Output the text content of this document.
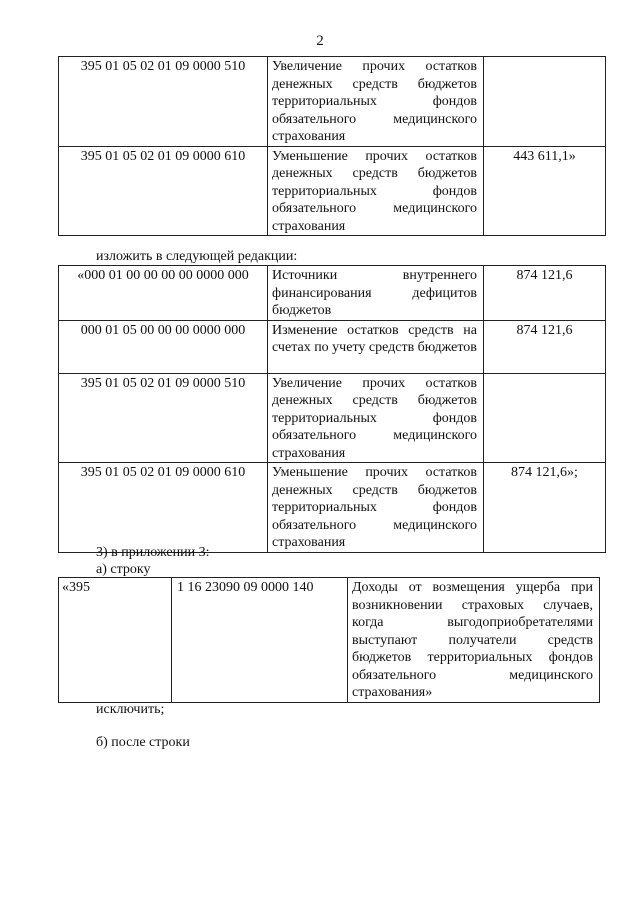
2
395 01 05 02 01 09 0000 510	Увеличение прочих остатков денежных средств бюджетов территориальных фондов обязательного медицинского страхования	
395 01 05 02 01 09 0000 610	Уменьшение прочих остатков денежных средств бюджетов территориальных фондов обязательного медицинского страхования	443 611,1»
изложить в следующей редакции:
«000 01 00 00 00 00 0000 000	Источники внутреннего финансирования дефицитов бюджетов	874 121,6
000 01 05 00 00 00 0000 000	Изменение остатков средств на счетах по учету средств бюджетов	874 121,6
395 01 05 02 01 09 0000 510	Увеличение прочих остатков денежных средств бюджетов территориальных фондов обязательного медицинского страхования	
395 01 05 02 01 09 0000 610	Уменьшение прочих остатков денежных средств бюджетов территориальных фондов обязательного медицинского страхования	874 121,6»;
3) в приложении 3:
а) строку
«395	1 16 23090 09 0000 140	Доходы от возмещения ущерба при возникновении страховых случаев, когда выгодоприобретателями выступают получатели средств бюджетов территориальных фондов обязательного медицинского страхования»
исключить;
б) после строки
